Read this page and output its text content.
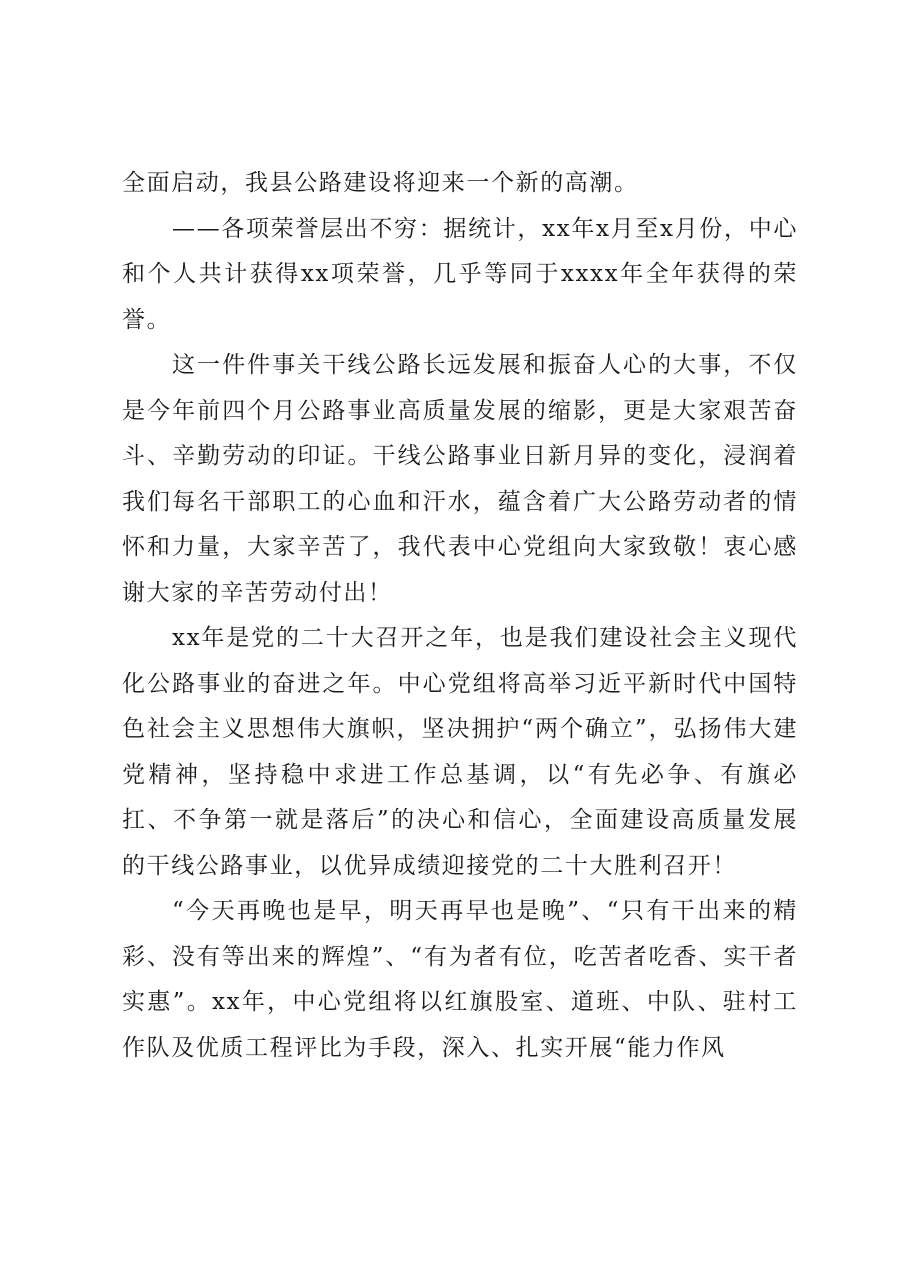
全面启动，我县公路建设将迎来一个新的高潮。

——各项荣誉层出不穷：据统计，xx年x月至x月份，中心和个人共计获得xx项荣誉，几乎等同于xxxx年全年获得的荣誉。

这一件件事关干线公路长远发展和振奋人心的大事，不仅是今年前四个月公路事业高质量发展的缩影，更是大家艰苦奋斗、辛勤劳动的印证。干线公路事业日新月异的变化，浸润着我们每名干部职工的心血和汗水，蕴含着广大公路劳动者的情怀和力量，大家辛苦了，我代表中心党组向大家致敬！衷心感谢大家的辛苦劳动付出！

xx年是党的二十大召开之年，也是我们建设社会主义现代化公路事业的奋进之年。中心党组将高举习近平新时代中国特色社会主义思想伟大旗帜，坚决拥护“两个确立”，弘扬伟大建党精神，坚持稳中求进工作总基调，以“有先必争、有旗必扛、不争第一就是落后”的决心和信心，全面建设高质量发展的干线公路事业，以优异成绩迎接党的二十大胜利召开！

“今天再晚也是早，明天再早也是晚”、“只有干出来的精彩、没有等出来的辉煌”、“有为者有位，吃苦者吃香、实干者实惠”。xx年，中心党组将以红旗股室、道班、中队、驻村工作队及优质工程评比为手段，深入、扎实开展“能力作风
